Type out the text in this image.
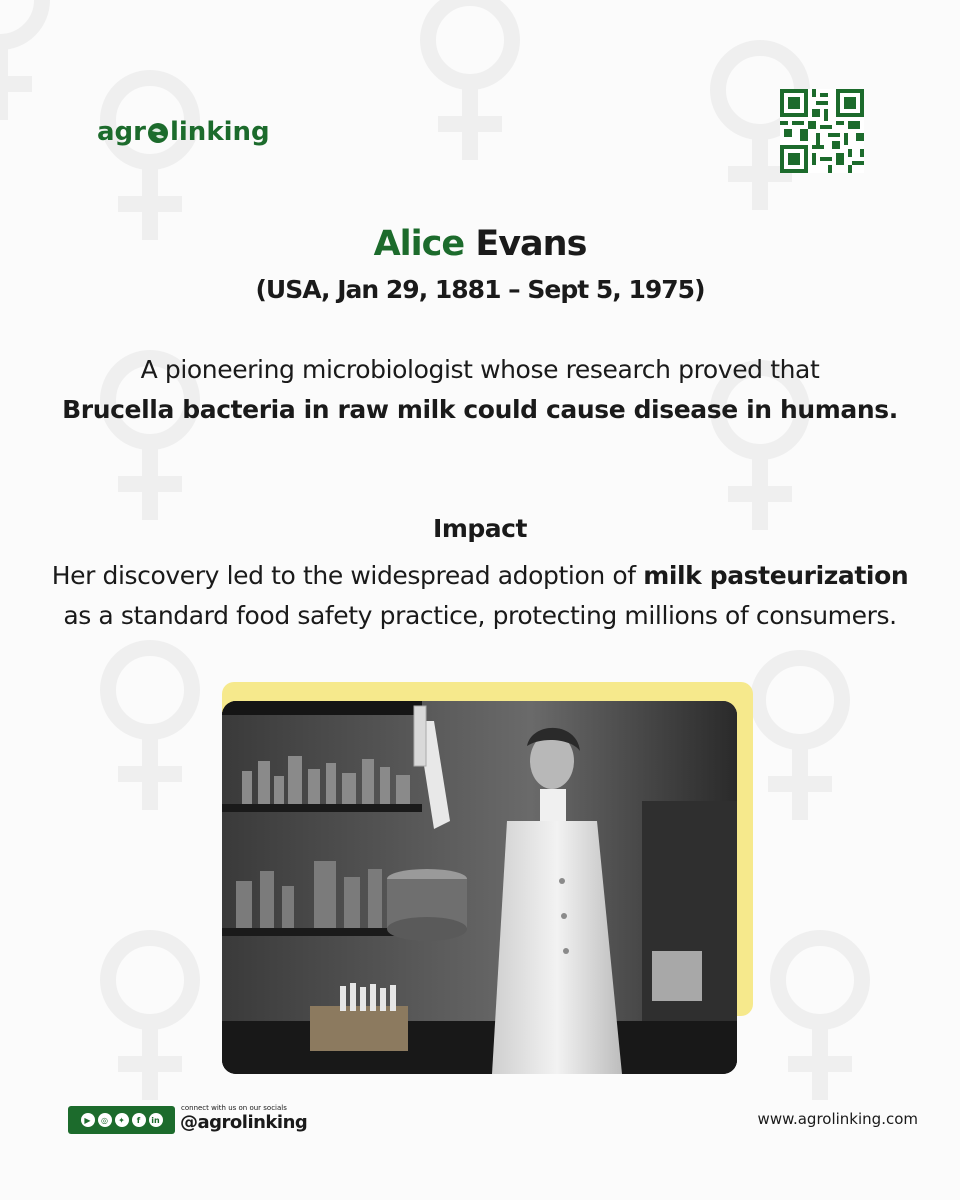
agr linking
Alice Evans
(USA, Jan 29, 1881 – Sept 5, 1975)
A pioneering microbiologist whose research proved that
Brucella bacteria in raw milk could cause disease in humans.
Impact
Her discovery led to the widespread adoption of milk pasteurization as a standard food safety practice, protecting millions of consumers.
▶	◎	✦	f	in
connect with us on our socials
@agrolinking	www.agrolinking.com
